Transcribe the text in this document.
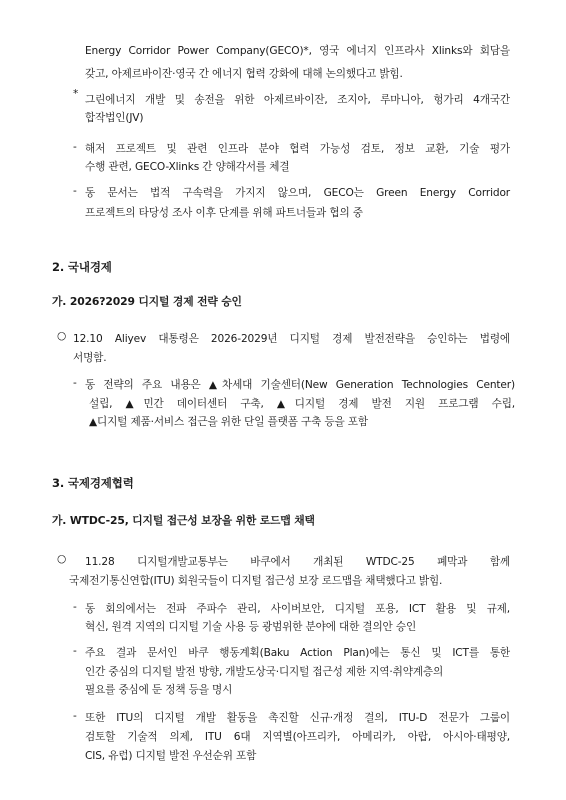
Energy Corridor Power Company(GECO)*, 영국 에너지 인프라사 Xlinks와 회담을
갖고, 아제르바이잔·영국 간 에너지 협력 강화에 대해 논의했다고 밝힘.
* 그린에너지 개발 및 송전을 위한 아제르바이잔, 조지아, 루마니아, 헝가리 4개국간
합작법인(JV)
- 해저 프로젝트 및 관련 인프라 분야 협력 가능성 검토, 정보 교환, 기술 평가
수행 관련, GECO-Xlinks 간 양해각서를 체결
- 동 문서는 법적 구속력을 가지지 않으며, GECO는 Green Energy Corridor
프로젝트의 타당성 조사 이후 단계를 위해 파트너들과 협의 중
2. 국내경제
가. 2026?2029 디지털 경제 전략 승인
○ 12.10 Aliyev 대통령은 2026-2029년 디지털 경제 발전전략을 승인하는 법령에
서명함.
- 동 전략의 주요 내용은 ▲차세대 기술센터(New Generation Technologies Center)
설립, ▲민간 데이터센터 구축, ▲디지털 경제 발전 지원 프로그램 수립,
▲디지털 제품·서비스 접근을 위한 단일 플랫폼 구축 등을 포함
3. 국제경제협력
가. WTDC-25, 디지털 접근성 보장을 위한 로드맵 채택
○ 11.28 디지털개발교통부는 바쿠에서 개최된 WTDC-25 폐막과 함께
국제전기통신연합(ITU) 회원국들이 디지털 접근성 보장 로드맵을 채택했다고 밝힘.
- 동 회의에서는 전파 주파수 관리, 사이버보안, 디지털 포용, ICT 활용 및 규제,
혁신, 원격 지역의 디지털 기술 사용 등 광범위한 분야에 대한 결의안 승인
- 주요 결과 문서인 바쿠 행동계획(Baku Action Plan)에는 통신 및 ICT를 통한
인간 중심의 디지털 발전 방향, 개발도상국·디지털 접근성 제한 지역·취약계층의
필요를 중심에 둔 정책 등을 명시
- 또한 ITU의 디지털 개발 활동을 촉진할 신규·개정 결의, ITU-D 전문가 그룹이
검토할 기술적 의제, ITU 6대 지역별(아프리카, 아메리카, 아랍, 아시아·태평양,
CIS, 유럽) 디지털 발전 우선순위 포함
